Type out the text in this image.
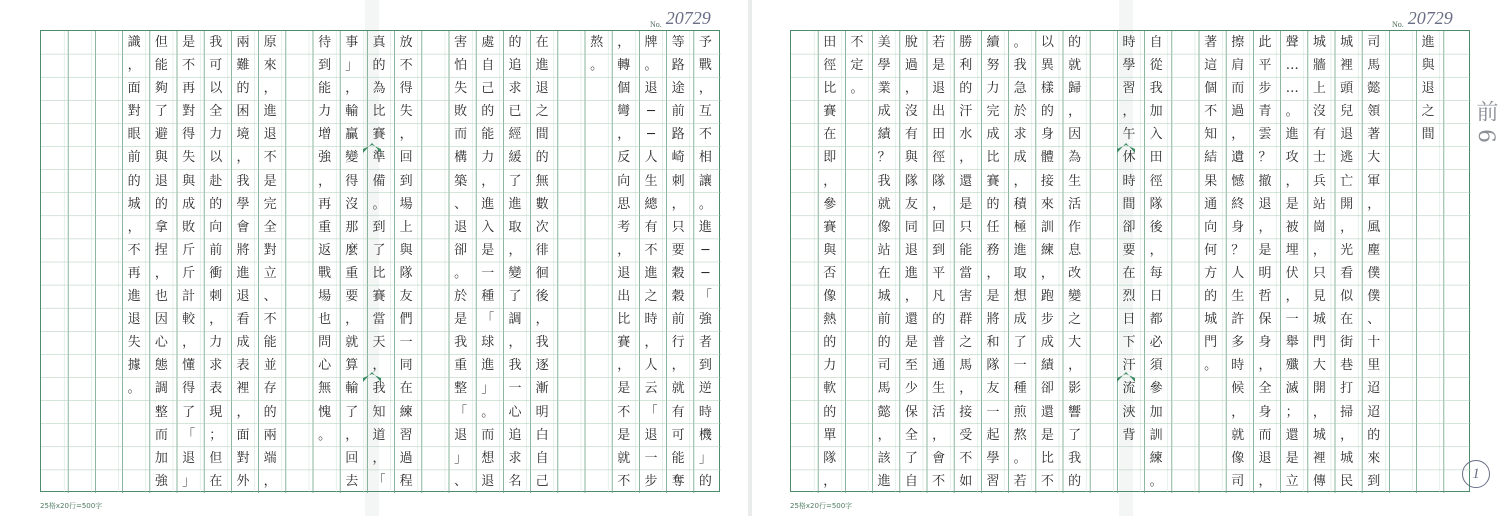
No. 20729
予
戰
，
互
不
相
讓
。
進
─
─
「
強
者
到
逆
時
機
」
的
等
路
途
前
路
崎
刺
，
只
要
穀
穀
前
行
，
就
有
可
能
奪
牌
。
退
─
─
人
生
總
有
不
進
之
時
，
人
云
「
退
一
步
，
轉
個
彎
，
反
向
思
考
，
退
出
比
賽
，
是
不
是
就
不
熬
。
在
進
退
之
間
的
無
數
次
徘
徊
後
，
我
逐
漸
明
白
自
己
的
追
求
已
經
緩
了
進
取
，
變
了
調
，
我
一
心
追
求
名
處
自
己
的
能
力
，
進
入
是
一
種
「
球
進
」
。
而
想
退
害
怕
失
敗
而
構
築
、
退
卻
。
於
是
我
重
整
「
退
」
、
放
不
得
失
，
回
到
場
上
與
隊
友
們
一
同
在
練
習
過
程
真
的
為
比
賽
準
備
。
到
了
比
賽
當
天
，
我
知
道
，
「
事
」
，
輸
贏
變
得
沒
那
麼
重
要
，
就
算
輸
了
，
回
去
待
到
能
力
增
強
，
再
重
返
戰
場
也
問
心
無
愧
。
原
來
，
進
退
不
是
完
全
對
立
、
不
能
並
存
的
兩
端
，
兩
難
的
困
境
，
我
學
會
將
進
退
看
成
表
裡
，
面
對
外
我
可
以
全
力
以
赴
的
向
前
衝
刺
，
力
求
表
現
；
但
在
是
不
再
對
得
失
與
成
敗
斤
斤
計
較
，
懂
得
了
「
退
」
但
能
夠
了
避
與
退
的
拿
捏
，
也
因
心
態
調
整
而
加
強
識
，
面
對
眼
前
的
城
，
不
再
進
退
失
據
。
25格x20行=500字
No. 20729
進
與
退
之
間
司
馬
懿
領
著
大
軍
，
風
塵
僕
僕
、
十
里
迢
迢
的
來
到
城
裡
頭
兒
退
逃
亡
開
，
光
看
似
在
街
巷
打
掃
，
城
民
城
牆
上
沒
有
士
兵
站
崗
，
只
見
城
門
大
開
，
城
裡
傳
聲
…
…
。
進
攻
，
是
被
埋
伏
，
一
舉
殲
滅
；
還
是
立
此
平
步
青
雲
？
撤
退
，
是
明
哲
保
身
，
全
身
而
退
，
擦
肩
而
過
，
遺
憾
終
身
？
人
生
許
多
時
候
，
就
像
司
著
這
個
不
知
結
果
通
向
何
方
的
城
門
。
自
從
我
加
入
田
徑
隊
後
，
每
日
都
必
須
參
加
訓
練
。
時
學
習
，
午
休
時
間
卻
要
在
烈
日
下
汗
流
浹
背
的
就
歸
，
因
為
生
活
作
息
改
變
之
大
，
影
響
了
我
的
以
異
樣
的
身
體
接
來
訓
練
，
跑
步
成
績
卻
還
是
比
不
。
我
急
於
求
成
，
積
極
進
取
想
成
了
一
種
煎
熬
。
若
續
努
力
完
成
比
賽
的
任
務
，
是
將
和
隊
友
一
起
學
習
勝
利
的
汗
水
，
還
是
只
能
當
害
群
之
馬
，
接
受
不
如
若
是
退
出
田
徑
隊
，
回
到
平
凡
的
普
通
生
活
，
會
不
脫
過
，
沒
有
與
隊
友
同
退
進
，
還
是
至
少
保
全
了
自
美
學
業
成
績
？
我
就
像
站
在
城
前
的
司
馬
懿
，
該
進
不
定
。
田
徑
比
賽
在
即
，
參
賽
與
否
像
熱
的
力
軟
的
單
隊
，
25格x20行=500字
前 6
1
